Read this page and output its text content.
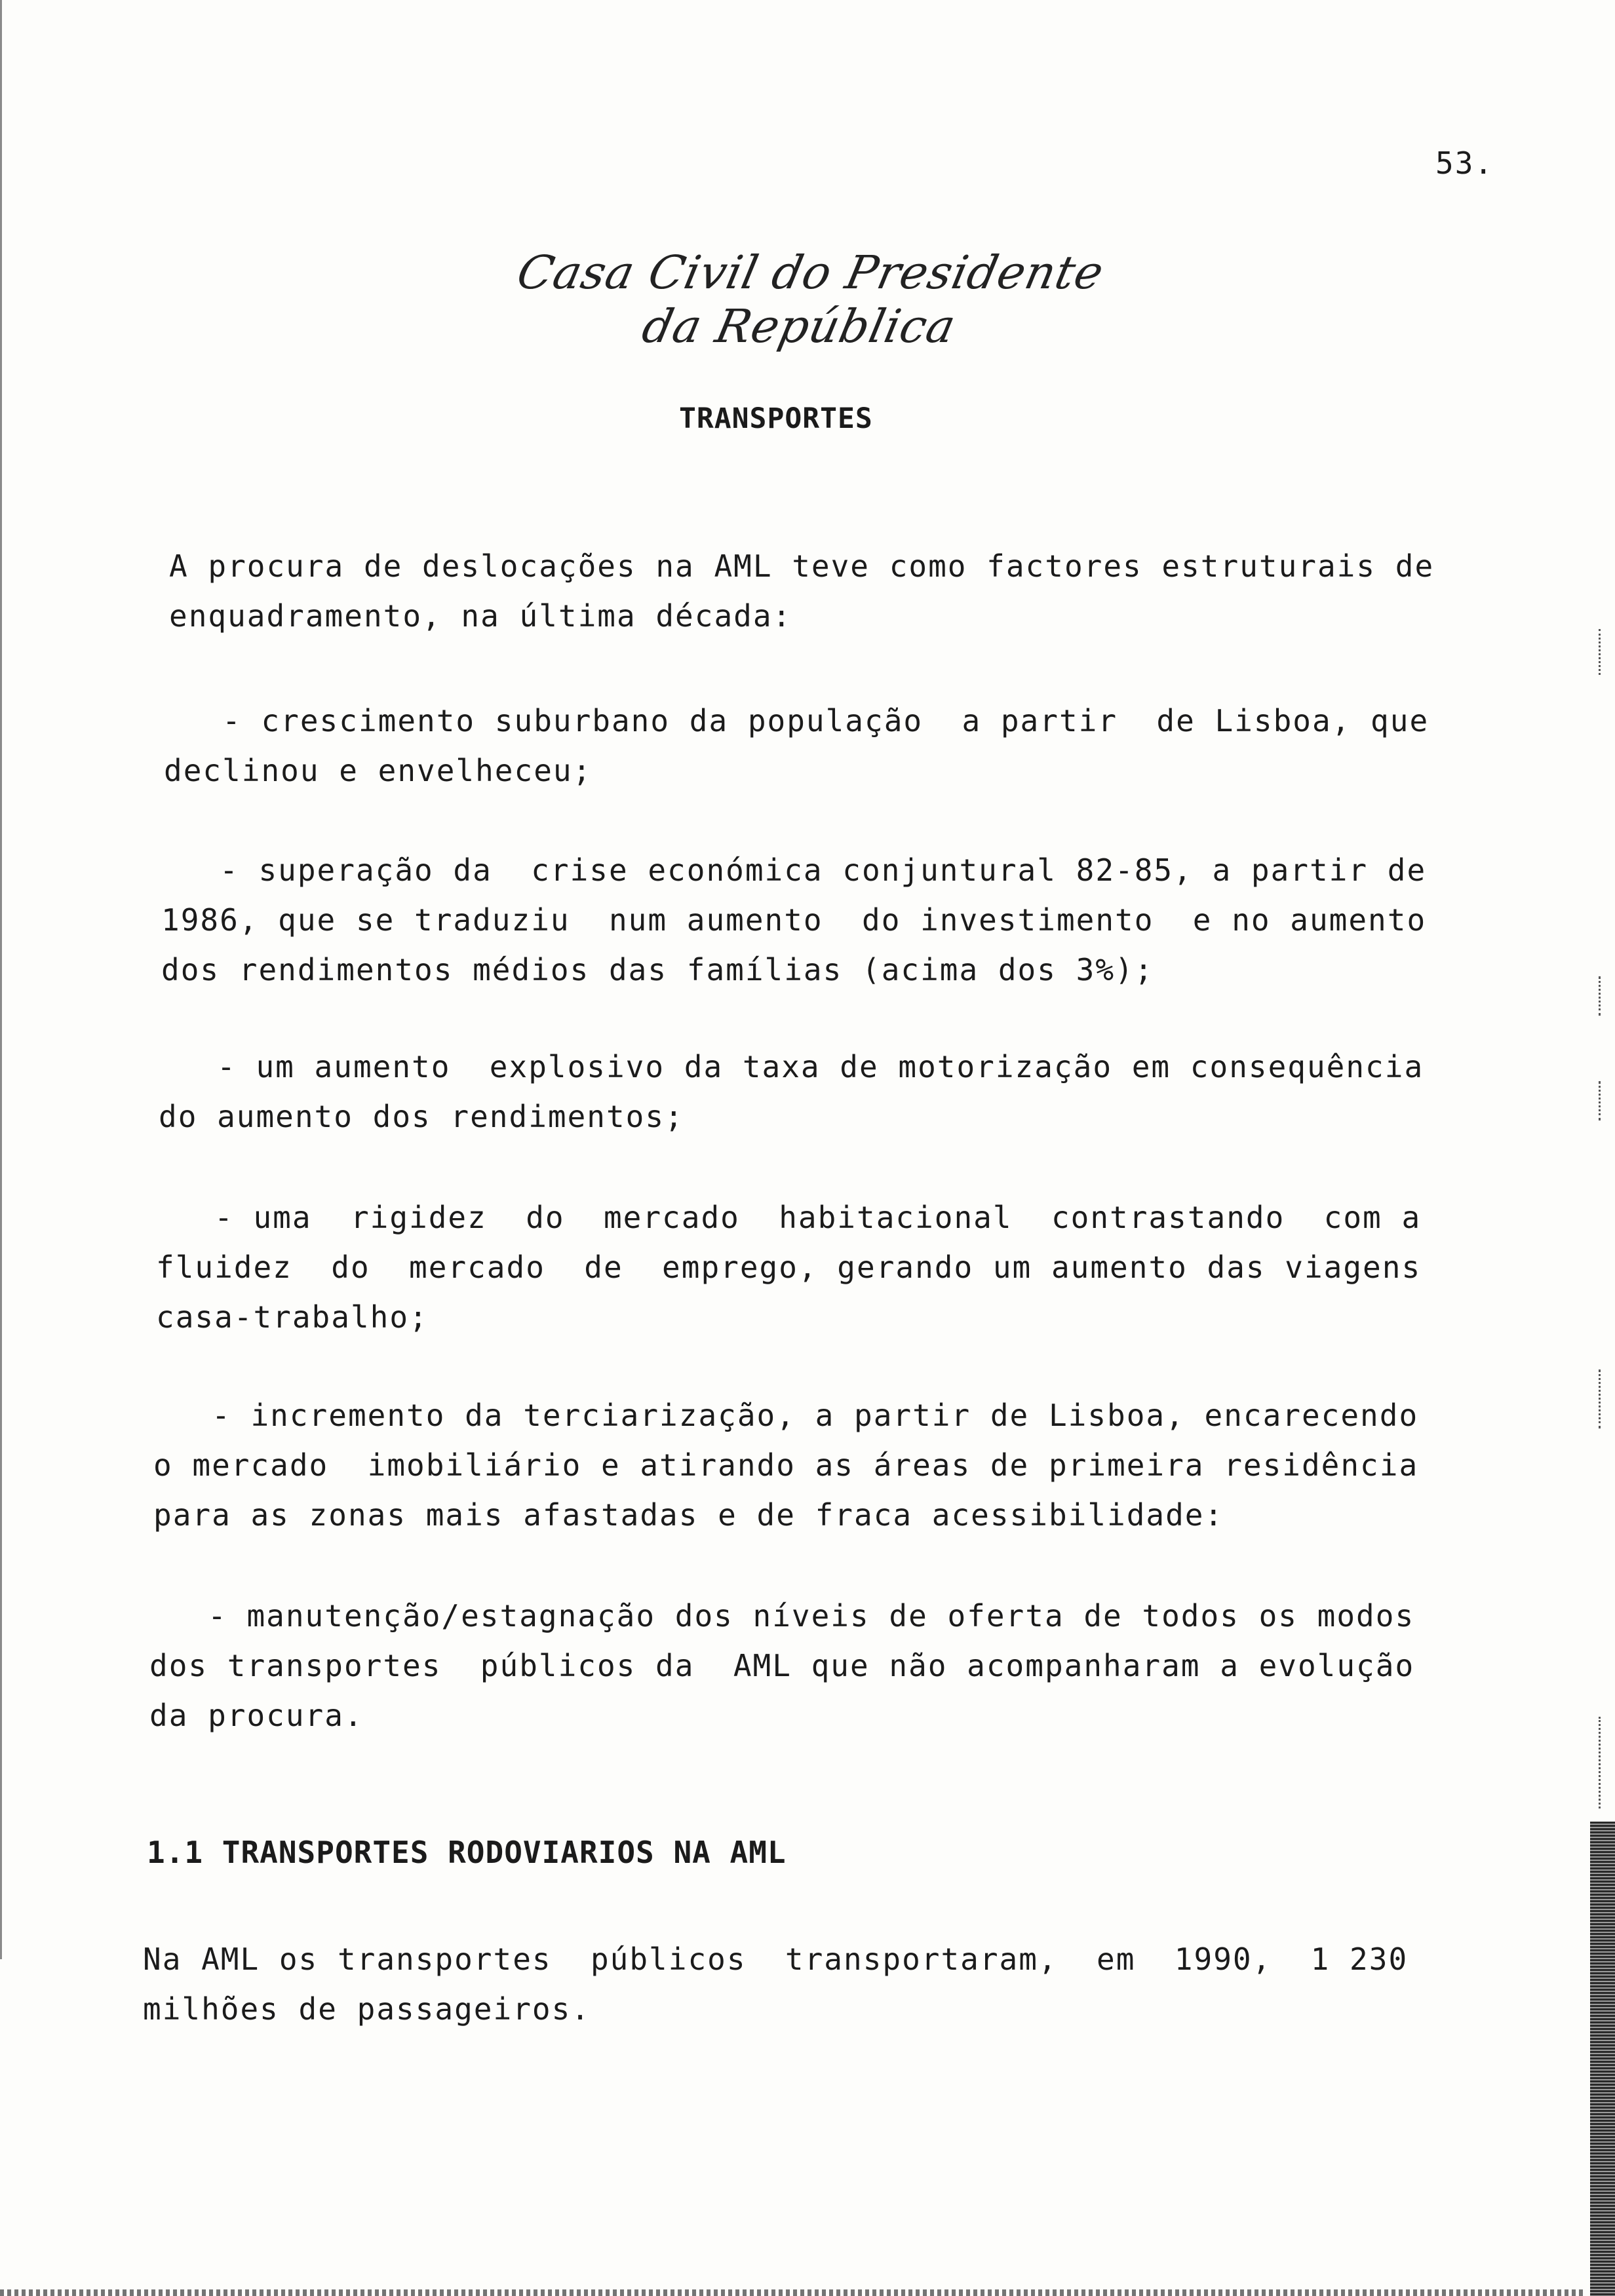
53.
Casa Civil do Presidente da República
TRANSPORTES
A procura de deslocações na AML teve como factores estruturais de
enquadramento, na última década:
- crescimento suburbano da população  a partir  de Lisboa, que
declinou e envelheceu;
- superação da  crise económica conjuntural 82-85, a partir de
1986, que se traduziu  num aumento  do investimento  e no aumento
dos rendimentos médios das famílias (acima dos 3%);
- um aumento  explosivo da taxa de motorização em consequência
do aumento dos rendimentos;
- uma  rigidez  do  mercado  habitacional  contrastando  com a
fluidez  do  mercado  de  emprego, gerando um aumento das viagens
casa-trabalho;
- incremento da terciarização, a partir de Lisboa, encarecendo
o mercado  imobiliário e atirando as áreas de primeira residência
para as zonas mais afastadas e de fraca acessibilidade:
- manutenção/estagnação dos níveis de oferta de todos os modos
dos transportes  públicos da  AML que não acompanharam a evolução
da procura.
1.1 TRANSPORTES RODOVIARIOS NA AML
Na AML os transportes  públicos  transportaram,  em  1990,  1 230
milhões de passageiros.
